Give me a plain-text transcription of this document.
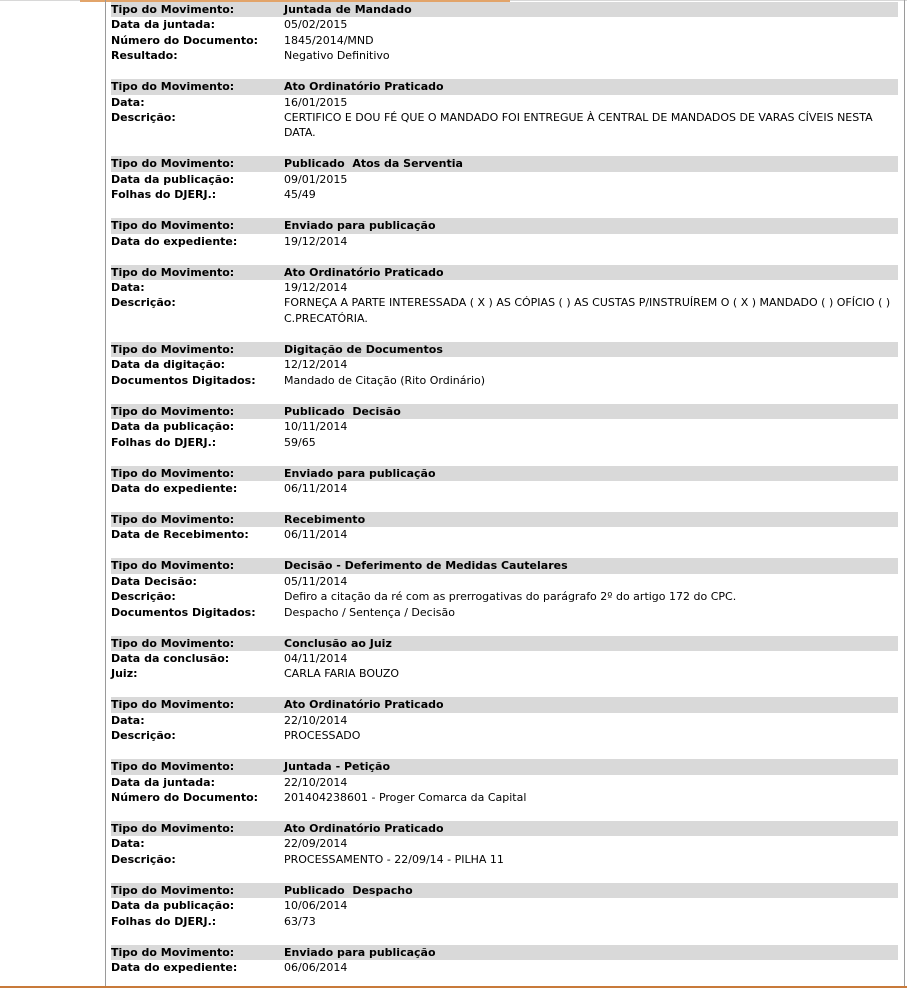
Tipo do Movimento:	Juntada de Mandado
Data da juntada:	05/02/2015
Número do Documento:	1845/2014/MND
Resultado:	Negativo Definitivo
Tipo do Movimento:	Ato Ordinatório Praticado
Data:	16/01/2015
Descrição:	CERTIFICO E DOU FÉ QUE O MANDADO FOI ENTREGUE À CENTRAL DE MANDADOS DE VARAS CÍVEIS NESTA DATA.
Tipo do Movimento:	Publicado  Atos da Serventia
Data da publicação:	09/01/2015
Folhas do DJERJ.:	45/49
Tipo do Movimento:	Enviado para publicação
Data do expediente:	19/12/2014
Tipo do Movimento:	Ato Ordinatório Praticado
Data:	19/12/2014
Descrição:	FORNEÇA A PARTE INTERESSADA ( X ) AS CÓPIAS ( ) AS CUSTAS P/INSTRUÍREM O ( X ) MANDADO ( ) OFÍCIO ( ) C.PRECATÓRIA.
Tipo do Movimento:	Digitação de Documentos
Data da digitação:	12/12/2014
Documentos Digitados:	Mandado de Citação (Rito Ordinário)
Tipo do Movimento:	Publicado  Decisão
Data da publicação:	10/11/2014
Folhas do DJERJ.:	59/65
Tipo do Movimento:	Enviado para publicação
Data do expediente:	06/11/2014
Tipo do Movimento:	Recebimento
Data de Recebimento:	06/11/2014
Tipo do Movimento:	Decisão - Deferimento de Medidas Cautelares
Data Decisão:	05/11/2014
Descrição:	Defiro a citação da ré com as prerrogativas do parágrafo 2º do artigo 172 do CPC.
Documentos Digitados:	Despacho / Sentença / Decisão
Tipo do Movimento:	Conclusão ao Juiz
Data da conclusão:	04/11/2014
Juiz:	CARLA FARIA BOUZO
Tipo do Movimento:	Ato Ordinatório Praticado
Data:	22/10/2014
Descrição:	PROCESSADO
Tipo do Movimento:	Juntada - Petição
Data da juntada:	22/10/2014
Número do Documento:	201404238601 - Proger Comarca da Capital
Tipo do Movimento:	Ato Ordinatório Praticado
Data:	22/09/2014
Descrição:	PROCESSAMENTO - 22/09/14 - PILHA 11
Tipo do Movimento:	Publicado  Despacho
Data da publicação:	10/06/2014
Folhas do DJERJ.:	63/73
Tipo do Movimento:	Enviado para publicação
Data do expediente:	06/06/2014
